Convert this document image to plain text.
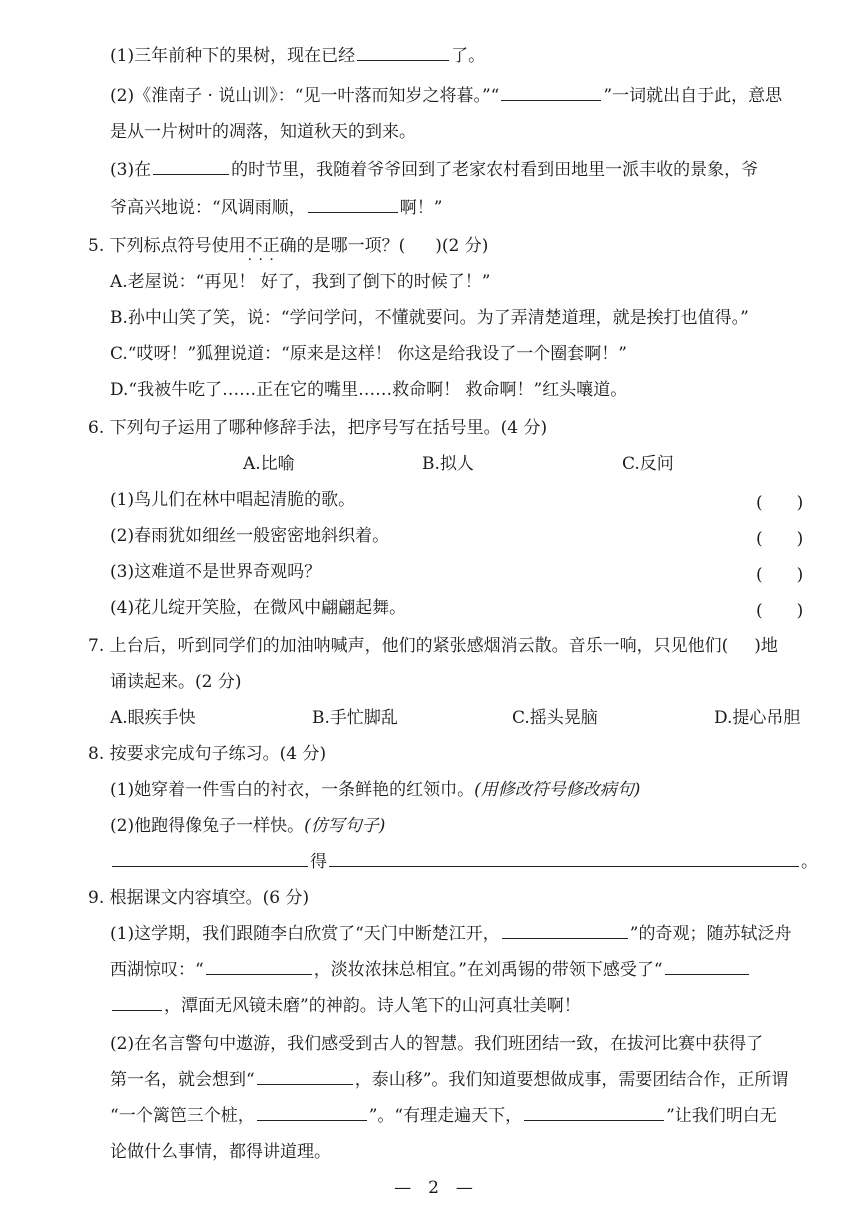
(1)三年前种下的果树，现在已经	了。
(2)《淮南子 · 说山训》：“见一叶落而知岁之将暮。”“	”一词就出自于此，意思
是从一片树叶的凋落，知道秋天的到来。
(3)在	的时节里，我随着爷爷回到了老家农村看到田地里一派丰收的景象，爷
爷高兴地说：“风调雨顺，	啊！”
5. 下列标点符号使用不正确 · · ·的是哪一项？( )(2 分)
A.老屋说：“再见！ 好了，我到了倒下的时候了！”
B.孙中山笑了笑，说：“学问学问，不懂就要问。为了弄清楚道理，就是挨打也值得。”
C.“哎呀！”狐狸说道：“原来是这样！ 你这是给我设了一个圈套啊！”
D.“我被牛吃了……正在它的嘴里……救命啊！ 救命啊！”红头嚷道。
6. 下列句子运用了哪种修辞手法，把序号写在括号里。(4 分)
A.比喻	B.拟人	C.反问
(1)鸟儿们在林中唱起清脆的歌。	(　　)
(2)春雨犹如细丝一般密密地斜织着。	(　　)
(3)这难道不是世界奇观吗？	(　　)
(4)花儿绽开笑脸，在微风中翩翩起舞。	(　　)
7. 上台后，听到同学们的加油呐喊声，他们的紧张感烟消云散。音乐一响，只见他们( )地
诵读起来。(2 分)
A.眼疾手快	B.手忙脚乱	C.摇头晃脑	D.提心吊胆
8. 按要求完成句子练习。(4 分)
(1)她穿着一件雪白的衬衣，一条鲜艳的红领巾。(用修改符号修改病句)
(2)他跑得像兔子一样快。(仿写句子)
得	。
9. 根据课文内容填空。(6 分)
(1)这学期，我们跟随李白欣赏了“天门中断楚江开，	”的奇观；随苏轼泛舟
西湖惊叹：“	，淡妆浓抹总相宜。”在刘禹锡的带领下感受了“
，潭面无风镜未磨”的神韵。诗人笔下的山河真壮美啊！
(2)在名言警句中遨游，我们感受到古人的智慧。我们班团结一致，在拔河比赛中获得了
第一名，就会想到“	，泰山移”。我们知道要想做成事，需要团结合作，正所谓
“一个篱笆三个桩，	”。“有理走遍天下，	”让我们明白无
论做什么事情，都得讲道理。
—　2　—
